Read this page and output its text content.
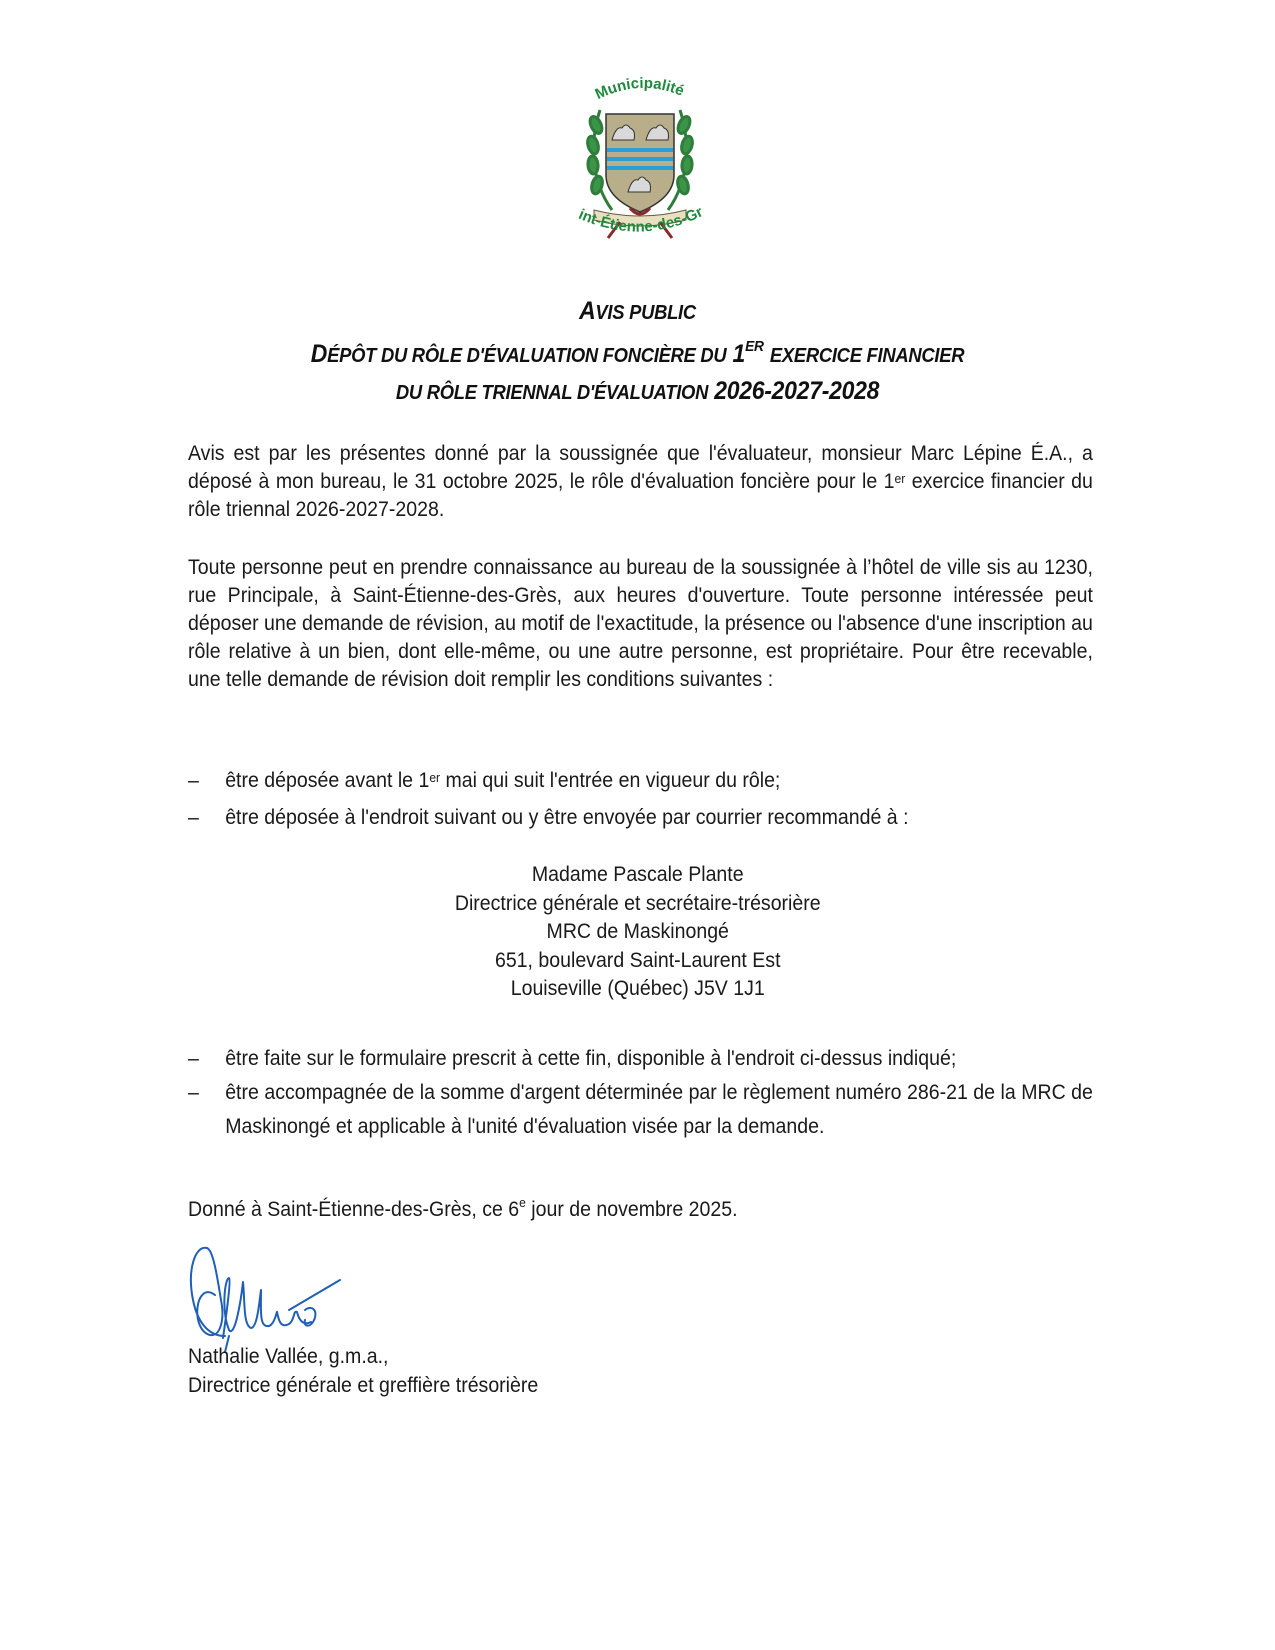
Municipalité
int-Étienne-des-Gr
AVIS PUBLIC
DÉPÔT DU RÔLE D'ÉVALUATION FONCIÈRE DU 1ER EXERCICE FINANCIER
DU RÔLE TRIENNAL D'ÉVALUATION 2026-2027-2028
Avis est par les présentes donné par la soussignée que l'évaluateur, monsieur Marc Lépine É.A., a déposé à mon bureau, le 31 octobre 2025, le rôle d'évaluation foncière pour le 1er exercice financier du rôle triennal 2026-2027-2028.
Toute personne peut en prendre connaissance au bureau de la soussignée à l’hôtel de ville sis au 1230, rue Principale, à Saint-Étienne-des-Grès, aux heures d'ouverture. Toute personne intéressée peut déposer une demande de révision, au motif de l'exactitude, la présence ou l'absence d'une inscription au rôle relative à un bien, dont elle-même, ou une autre personne, est propriétaire. Pour être recevable, une telle demande de révision doit remplir les conditions suivantes :
– être déposée avant le 1er mai qui suit l'entrée en vigueur du rôle;
– être déposée à l'endroit suivant ou y être envoyée par courrier recommandé à :
Madame Pascale Plante
Directrice générale et secrétaire-trésorière
MRC de Maskinongé
651, boulevard Saint-Laurent Est
Louiseville (Québec) J5V 1J1
– être faite sur le formulaire prescrit à cette fin, disponible à l'endroit ci-dessus indiqué;
– être accompagnée de la somme d'argent déterminée par le règlement numéro 286-21 de la MRC de Maskinongé et applicable à l'unité d'évaluation visée par la demande.
Donné à Saint-Étienne-des-Grès, ce 6e jour de novembre 2025.
Nathalie Vallée, g.m.a.,
Directrice générale et greffière trésorière
